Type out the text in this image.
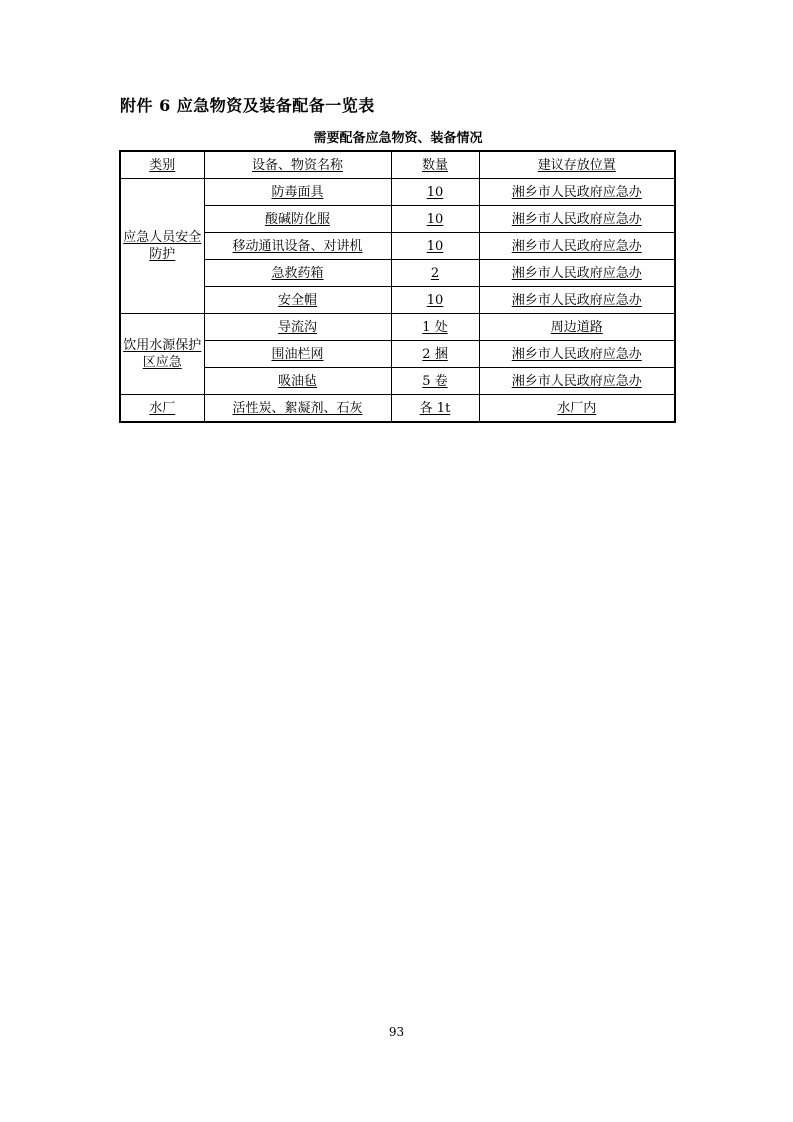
附件 6 应急物资及装备配备一览表
需要配备应急物资、装备情况
类别	设备、物资名称	数量	建议存放位置
应急人员安全防护	防毒面具	10	湘乡市人民政府应急办
	酸碱防化服	10	湘乡市人民政府应急办
	移动通讯设备、对讲机	10	湘乡市人民政府应急办
	急救药箱	2	湘乡市人民政府应急办
	安全帽	10	湘乡市人民政府应急办
饮用水源保护区应急	导流沟	1 处	周边道路
	围油栏网	2 捆	湘乡市人民政府应急办
	吸油毡	5 卷	湘乡市人民政府应急办
水厂	活性炭、絮凝剂、石灰	各 1t	水厂内
93
